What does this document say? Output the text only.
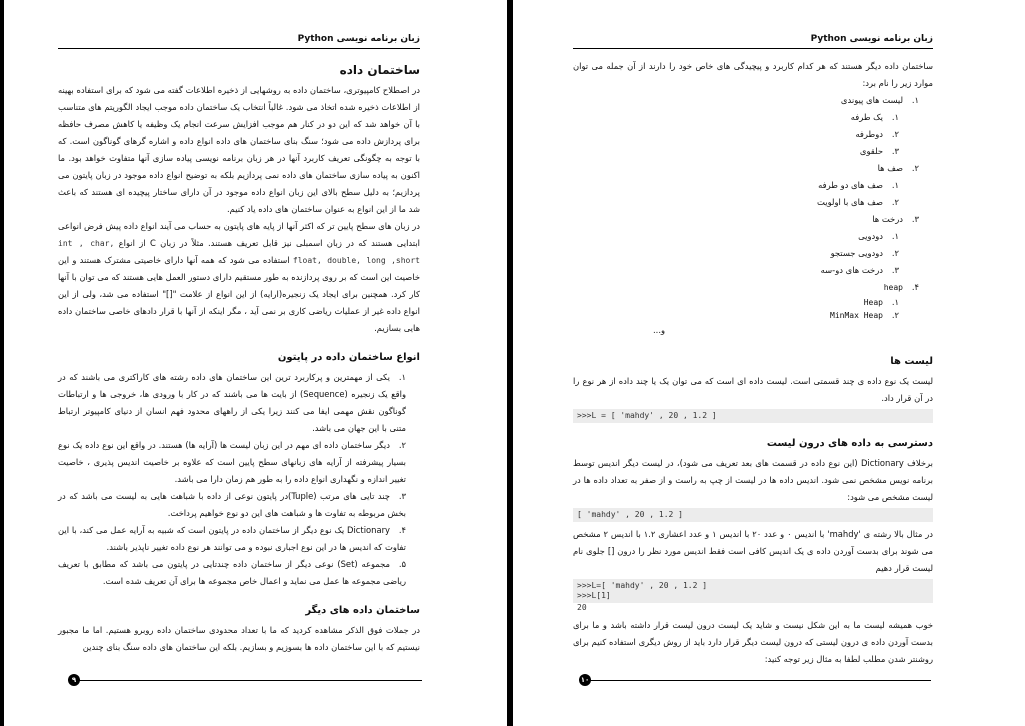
زبان برنامه نویسی Python
ساختمان داده

در اصطلاح کامپیوتری، ساختمان داده به روشهایی از ذخیره اطلاعات گفته می شود که برای استفاده بهینه از اطلاعات ذخیره شده اتخاذ می شود. غالباً انتخاب یک ساختمان داده موجب ایجاد الگوریتم های متناسب با آن خواهد شد که این دو در کنار هم موجب افزایش سرعت انجام یک وظیفه یا کاهش مصرف حافظه برای پردازش داده می شود؛ سنگ بنای ساختمان های داده انواع داده و اشاره گرهای گوناگون است. که با توجه به چگونگی تعریف کاربرد آنها در هر زبان برنامه نویسی پیاده سازی آنها متفاوت خواهد بود. ما اکنون به پیاده سازی ساختمان های داده نمی پردازیم بلکه به توضیح انواع داده موجود در زبان پایتون می پردازیم؛ به دلیل سطح بالای این زبان انواع داده موجود در آن دارای ساختار پیچیده ای هستند که باعث شد ما از این انواع به عنوان ساختمان های داده یاد کنیم.

در زبان های سطح پایین تر که اکثر آنها از پایه های پایتون به حساب می آیند انواع داده پیش فرض انواعی ابتدایی هستند که در زبان اسمبلی نیز قابل تعریف هستند. مثلاً در زبان C از انواع int , char, float, double, long ,short استفاده می شود که همه آنها دارای خاصیتی مشترک هستند و این خاصیت این است که بر روی پردازنده به طور مستقیم دارای دستور العمل هایی هستند که می توان با آنها کار کرد. همچنین برای ایجاد یک زنجیره(ارایه) از این انواع از علامت "[]" استفاده می شد، ولی از این انواع داده غیر از عملیات ریاضی کاری بر نمی آید ، مگر اینکه از آنها با قرار دادهای خاصی ساختمان داده هایی بسازیم.

انواع ساختمان داده در پایتون
۱.یکی از مهمترین و پرکاربرد ترین این ساختمان های داده رشته های کاراکتری می باشند که در واقع یک زنجیره (Sequence) از بایت ها می باشند که در کار با ورودی ها، خروجی ها و ارتباطات گوناگون نقش مهمی ایفا می کنند زیرا یکی از راههای محدود فهم انسان از دنیای کامپیوتر ارتباط متنی با این جهان می باشد.
۲.دیگر ساختمان داده ای مهم در این زبان لیست ها (آرایه ها) هستند. در واقع این نوع داده یک نوع بسیار پیشرفته از آرایه های زبانهای سطح پایین است که علاوه بر خاصیت اندیس پذیری ، خاصیت تغییر اندازه و نگهداری انواع داده را به طور هم زمان دارا می باشد.
۳.چند تایی های مرتب (Tuple)در پایتون نوعی از داده با شباهت هایی به لیست می باشد که در بخش مربوطه به تفاوت ها و شباهت های این دو نوع خواهیم پرداخت.
۴.Dictionary یک نوع دیگر از ساختمان داده در پایتون است که شبیه به آرایه عمل می کند، با این تفاوت که اندیس ها در این نوع اجباری نبوده و می توانند هر نوع داده تغییر ناپذیر باشند.
۵.مجموعه (Set) نوعی دیگر از ساختمان داده چندتایی در پایتون می باشد که مطابق با تعریف ریاضی مجموعه ها عمل می نماید و اعمال خاص مجموعه ها برای آن تعریف شده است.
ساختمان داده های دیگر

در جملات فوق الذکر مشاهده کردید که ما با تعداد محدودی ساختمان داده روبرو هستیم. اما ما مجبور نیستیم که با این ساختمان داده ها بسوزیم و بسازیم. بلکه این ساختمان های داده سنگ بنای چندین

۹
زبان برنامه نویسی Python

ساختمان داده دیگر هستند که هر کدام کاربرد و پیچیدگی های خاص خود را دارند از آن جمله می توان موارد زیر را نام برد:

۱.لیست های پیوندی
۱.یک طرفه
۲.دوطرفه
۳.حلقوی
۲.صف ها
۱.صف های دو طرفه
۲.صف های با اولویت
۳.درخت ها
۱.دودویی
۲.دودویی جستجو
۳.درخت های دو-سه
۴.heap
۱.Heap
۲.MinMax Heap
و...
لیست ها

لیست یک نوع داده ی چند قسمتی است. لیست داده ای است که می توان یک یا چند داده از هر نوع را در آن قرار داد.

>>>L = [ 'mahdy' , 20 , 1.2 ]
دسترسی به داده های درون لیست

برخلاف Dictionary (این نوع داده در قسمت های بعد تعریف می شود)، در لیست دیگر اندیس توسط برنامه نویس مشخص نمی شود. اندیس داده ها در لیست از چپ به راست و از صفر به تعداد داده ها در لیست مشخص می شود:

[ 'mahdy' , 20 , 1.2 ]

در مثال بالا رشته ی 'mahdy' با اندیس ۰ و عدد ۲۰ با اندیس ۱ و عدد اعشاری ۱.۲ با اندیس ۲ مشخص می شوند برای بدست آوردن داده ی یک اندیس کافی است فقط اندیس مورد نظر را درون [] جلوی نام لیست قرار دهیم

>>>L=[ 'mahdy' , 20 , 1.2 ]
>>>L[1]
20

خوب همیشه لیست ما به این شکل نیست و شاید یک لیست درون لیست قرار داشته باشد و ما برای بدست آوردن داده ی درون لیستی که درون لیست دیگر قرار دارد باید از روش دیگری استفاده کنیم برای روشنتر شدن مطلب لطفا به مثال زیر توجه کنید:

۱۰
